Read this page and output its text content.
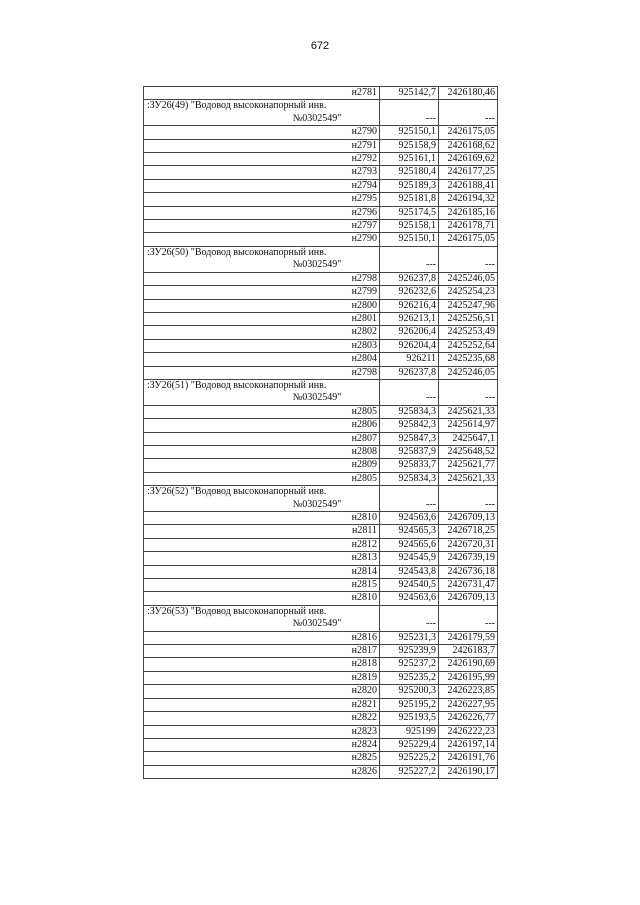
672
н2781	925142,7	2426180,46
:ЗУ26(49) "Водовод высоконапорный инв.
№0302549"	---	---
н2790	925150,1	2426175,05
н2791	925158,9	2426168,62
н2792	925161,1	2426169,62
н2793	925180,4	2426177,25
н2794	925189,3	2426188,41
н2795	925181,8	2426194,32
н2796	925174,5	2426185,16
н2797	925158,1	2426178,71
н2790	925150,1	2426175,05
:ЗУ26(50) "Водовод высоконапорный инв.
№0302549"	---	---
н2798	926237,8	2425246,05
н2799	926232,6	2425254,23
н2800	926216,4	2425247,96
н2801	926213,1	2425256,51
н2802	926206,4	2425253,49
н2803	926204,4	2425252,64
н2804	926211	2425235,68
н2798	926237,8	2425246,05
:ЗУ26(51) "Водовод высоконапорный инв.
№0302549"	---	---
н2805	925834,3	2425621,33
н2806	925842,3	2425614,97
н2807	925847,3	2425647,1
н2808	925837,9	2425648,52
н2809	925833,7	2425621,77
н2805	925834,3	2425621,33
:ЗУ26(52) "Водовод высоконапорный инв.
№0302549"	---	---
н2810	924563,6	2426709,13
н2811	924565,3	2426718,25
н2812	924565,6	2426720,31
н2813	924545,9	2426739,19
н2814	924543,8	2426736,18
н2815	924540,5	2426731,47
н2810	924563,6	2426709,13
:ЗУ26(53) "Водовод высоконапорный инв.
№0302549"	---	---
н2816	925231,3	2426179,59
н2817	925239,9	2426183,7
н2818	925237,2	2426190,69
н2819	925235,2	2426195,99
н2820	925200,3	2426223,85
н2821	925195,2	2426227,95
н2822	925193,5	2426226,77
н2823	925199	2426222,23
н2824	925229,4	2426197,14
н2825	925225,2	2426191,76
н2826	925227,2	2426190,17
